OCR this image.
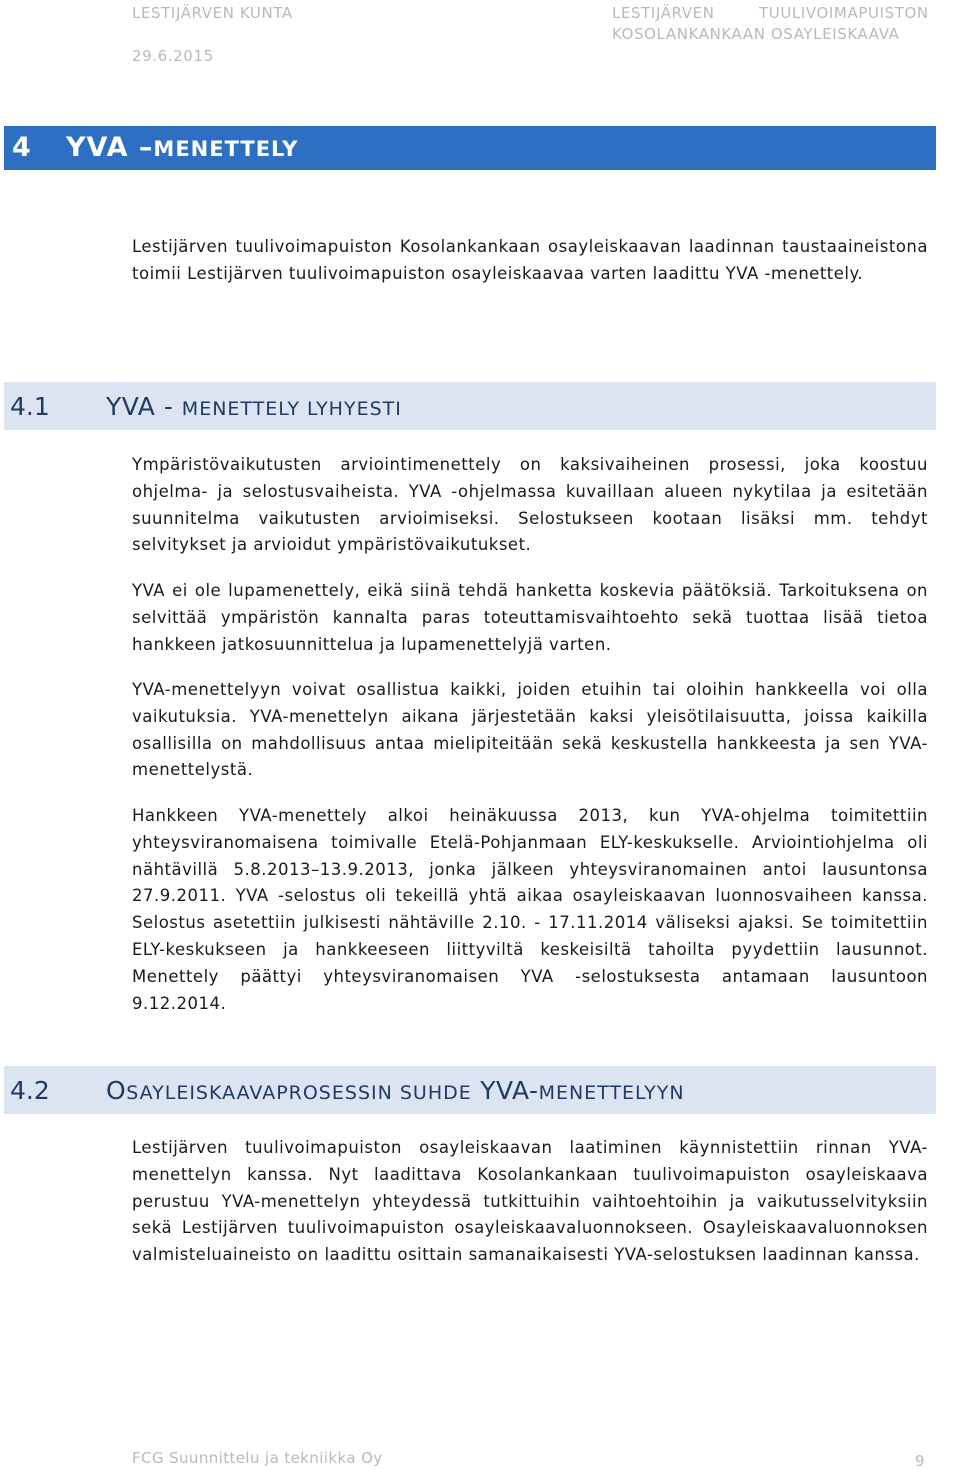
LESTIJÄRVEN KUNTA
29.6.2015
LESTIJÄRVEN	TUULIVOIMAPUISTON
KOSOLANKANKAAN OSAYLEISKAAVA
4 YVA –MENETTELY

Lestijärven tuulivoimapuiston Kosolankankaan osayleiskaavan laadinnan taustaaineistona toimii Lestijärven tuulivoimapuiston osayleiskaavaa varten laadittu YVA -menettely.

4.1 YVA - MENETTELY LYHYESTI

Ympäristövaikutusten arviointimenettely on kaksivaiheinen prosessi, joka koostuu ohjelma- ja selostusvaiheista. YVA -ohjelmassa kuvaillaan alueen nykytilaa ja esitetään suunnitelma vaikutusten arvioimiseksi. Selostukseen kootaan lisäksi mm. tehdyt selvitykset ja arvioidut ympäristövaikutukset.

YVA ei ole lupamenettely, eikä siinä tehdä hanketta koskevia päätöksiä. Tarkoituksena on selvittää ympäristön kannalta paras toteuttamisvaihtoehto sekä tuottaa lisää tietoa hankkeen jatkosuunnittelua ja lupamenettelyjä varten.

YVA-menettelyyn voivat osallistua kaikki, joiden etuihin tai oloihin hankkeella voi olla vaikutuksia. YVA-menettelyn aikana järjestetään kaksi yleisötilaisuutta, joissa kaikilla osallisilla on mahdollisuus antaa mielipiteitään sekä keskustella hankkeesta ja sen YVA-menettelystä.

Hankkeen YVA-menettely alkoi heinäkuussa 2013, kun YVA-ohjelma toimitettiin yhteysviranomaisena toimivalle Etelä-Pohjanmaan ELY-keskukselle. Arviointiohjelma oli nähtävillä 5.8.2013–13.9.2013, jonka jälkeen yhteysviranomainen antoi lausuntonsa 27.9.2011. YVA -selostus oli tekeillä yhtä aikaa osayleiskaavan luonnosvaiheen kanssa. Selostus asetettiin julkisesti nähtäville 2.10. - 17.11.2014 väliseksi ajaksi. Se toimitettiin ELY-keskukseen ja hankkeeseen liittyviltä keskeisiltä tahoilta pyydettiin lausunnot. Menettely päättyi yhteysviranomaisen YVA -selostuksesta antamaan lausuntoon 9.12.2014.

4.2 OSAYLEISKAAVAPROSESSIN SUHDE YVA-MENETTELYYN

Lestijärven tuulivoimapuiston osayleiskaavan laatiminen käynnistettiin rinnan YVA-menettelyn kanssa. Nyt laadittava Kosolankankaan tuulivoimapuiston osayleiskaava perustuu YVA-menettelyn yhteydessä tutkittuihin vaihtoehtoihin ja vaikutusselvityksiin sekä Lestijärven tuulivoimapuiston osayleiskaavaluonnokseen. Osayleiskaavaluonnoksen valmisteluaineisto on laadittu osittain samanaikaisesti YVA-selostuksen laadinnan kanssa.

FCG Suunnittelu ja tekniikka Oy	9
